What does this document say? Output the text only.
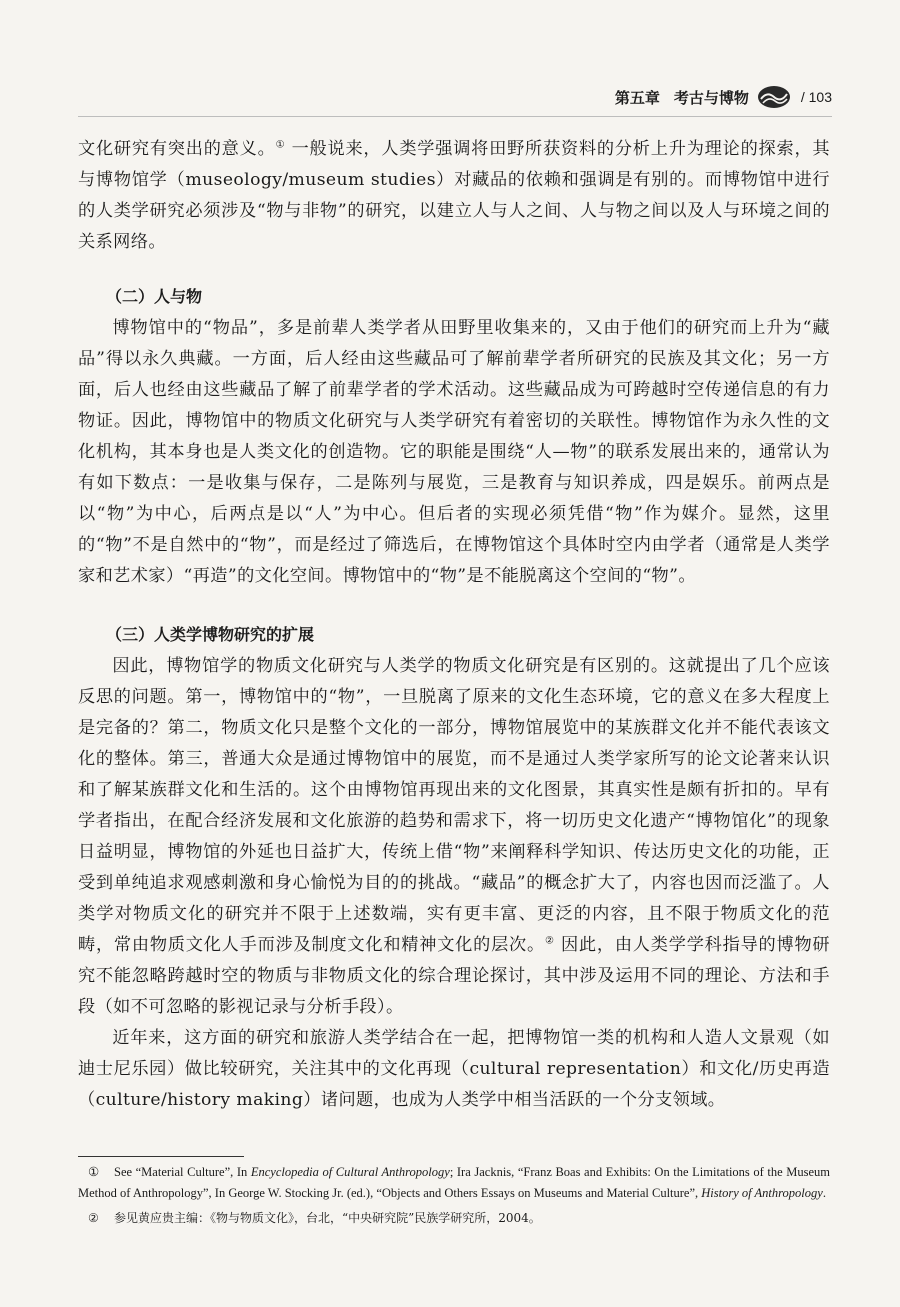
第五章 考古与博物	/ 103

文化研究有突出的意义。① 一般说来，人类学强调将田野所获资料的分析上升为理论的探索，其与博物馆学（museology/museum studies）对藏品的依赖和强调是有别的。而博物馆中进行的人类学研究必须涉及“物与非物”的研究，以建立人与人之间、人与物之间以及人与环境之间的关系网络。

（二）人与物

博物馆中的“物品”，多是前辈人类学者从田野里收集来的，又由于他们的研究而上升为“藏品”得以永久典藏。一方面，后人经由这些藏品可了解前辈学者所研究的民族及其文化；另一方面，后人也经由这些藏品了解了前辈学者的学术活动。这些藏品成为可跨越时空传递信息的有力物证。因此，博物馆中的物质文化研究与人类学研究有着密切的关联性。博物馆作为永久性的文化机构，其本身也是人类文化的创造物。它的职能是围绕“人—物”的联系发展出来的，通常认为有如下数点：一是收集与保存，二是陈列与展览，三是教育与知识养成，四是娱乐。前两点是以“物”为中心，后两点是以“人”为中心。但后者的实现必须凭借“物”作为媒介。显然，这里的“物”不是自然中的“物”，而是经过了筛选后，在博物馆这个具体时空内由学者（通常是人类学家和艺术家）“再造”的文化空间。博物馆中的“物”是不能脱离这个空间的“物”。

（三）人类学博物研究的扩展

因此，博物馆学的物质文化研究与人类学的物质文化研究是有区别的。这就提出了几个应该反思的问题。第一，博物馆中的“物”，一旦脱离了原来的文化生态环境，它的意义在多大程度上是完备的？第二，物质文化只是整个文化的一部分，博物馆展览中的某族群文化并不能代表该文化的整体。第三，普通大众是通过博物馆中的展览，而不是通过人类学家所写的论文论著来认识和了解某族群文化和生活的。这个由博物馆再现出来的文化图景，其真实性是颇有折扣的。早有学者指出，在配合经济发展和文化旅游的趋势和需求下，将一切历史文化遗产“博物馆化”的现象日益明显，博物馆的外延也日益扩大，传统上借“物”来阐释科学知识、传达历史文化的功能，正受到单纯追求观感刺激和身心愉悦为目的的挑战。“藏品”的概念扩大了，内容也因而泛滥了。人类学对物质文化的研究并不限于上述数端，实有更丰富、更泛的内容，且不限于物质文化的范畴，常由物质文化人手而涉及制度文化和精神文化的层次。② 因此，由人类学学科指导的博物研究不能忽略跨越时空的物质与非物质文化的综合理论探讨，其中涉及运用不同的理论、方法和手段（如不可忽略的影视记录与分析手段）。

近年来，这方面的研究和旅游人类学结合在一起，把博物馆一类的机构和人造人文景观（如迪士尼乐园）做比较研究，关注其中的文化再现（cultural representation）和文化/历史再造（culture/history making）诸问题，也成为人类学中相当活跃的一个分支领域。

① See “Material Culture”, In Encyclopedia of Cultural Anthropology; Ira Jacknis, “Franz Boas and Exhibits: On the Limitations of the Museum Method of Anthropology”, In George W. Stocking Jr. (ed.), “Objects and Others Essays on Museums and Material Culture”, History of Anthropology.

② 参见黄应贵主编：《物与物质文化》，台北，“中央研究院”民族学研究所，2004。
